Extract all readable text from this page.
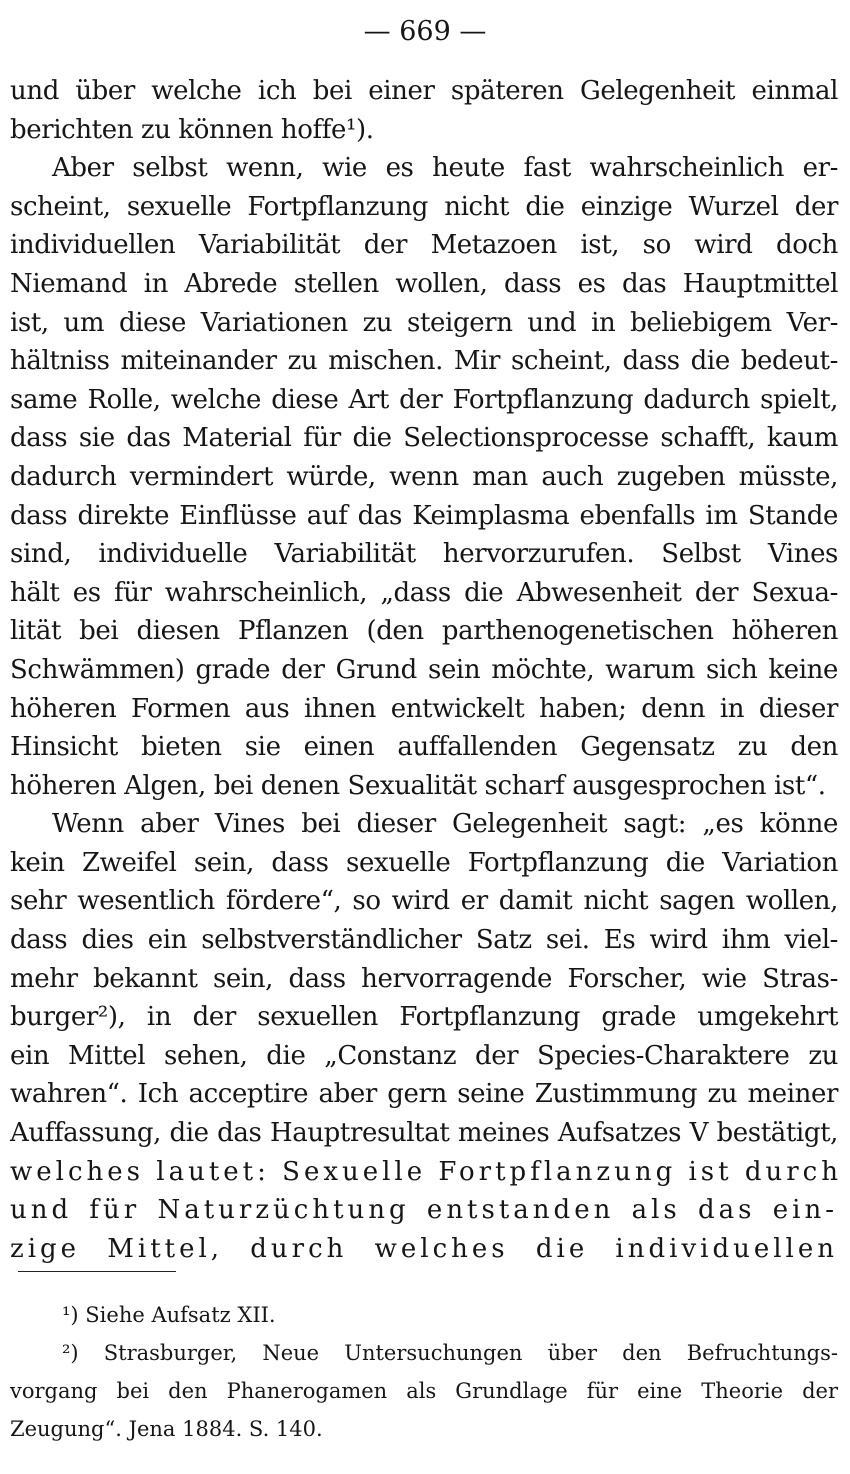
— 669 —
und über welche ich bei einer späteren Gelegenheit einmal
berichten zu können hoffe¹).
Aber selbst wenn, wie es heute fast wahrscheinlich er-
scheint, sexuelle Fortpflanzung nicht die einzige Wurzel der
individuellen Variabilität der Metazoen ist, so wird doch
Niemand in Abrede stellen wollen, dass es das Hauptmittel
ist, um diese Variationen zu steigern und in beliebigem Ver-
hältniss miteinander zu mischen. Mir scheint, dass die bedeut-
same Rolle, welche diese Art der Fortpflanzung dadurch spielt,
dass sie das Material für die Selectionsprocesse schafft, kaum
dadurch vermindert würde, wenn man auch zugeben müsste,
dass direkte Einflüsse auf das Keimplasma ebenfalls im Stande
sind, individuelle Variabilität hervorzurufen. Selbst Vines
hält es für wahrscheinlich, „dass die Abwesenheit der Sexua-
lität bei diesen Pflanzen (den parthenogenetischen höheren
Schwämmen) grade der Grund sein möchte, warum sich keine
höheren Formen aus ihnen entwickelt haben; denn in dieser
Hinsicht bieten sie einen auffallenden Gegensatz zu den
höheren Algen, bei denen Sexualität scharf ausgesprochen ist“.
Wenn aber Vines bei dieser Gelegenheit sagt: „es könne
kein Zweifel sein, dass sexuelle Fortpflanzung die Variation
sehr wesentlich fördere“, so wird er damit nicht sagen wollen,
dass dies ein selbstverständlicher Satz sei. Es wird ihm viel-
mehr bekannt sein, dass hervorragende Forscher, wie Stras-
burger²), in der sexuellen Fortpflanzung grade umgekehrt
ein Mittel sehen, die „Constanz der Species-Charaktere zu
wahren“. Ich acceptire aber gern seine Zustimmung zu meiner
Auffassung, die das Hauptresultat meines Aufsatzes V bestätigt,
welches lautet: Sexuelle Fortpflanzung ist durch
und für Naturzüchtung entstanden als das ein-
zige Mittel, durch welches die individuellen
¹) Siehe Aufsatz XII.
²) Strasburger, Neue Untersuchungen über den Befruchtungs-
vorgang bei den Phanerogamen als Grundlage für eine Theorie der
Zeugung“. Jena 1884. S. 140.
